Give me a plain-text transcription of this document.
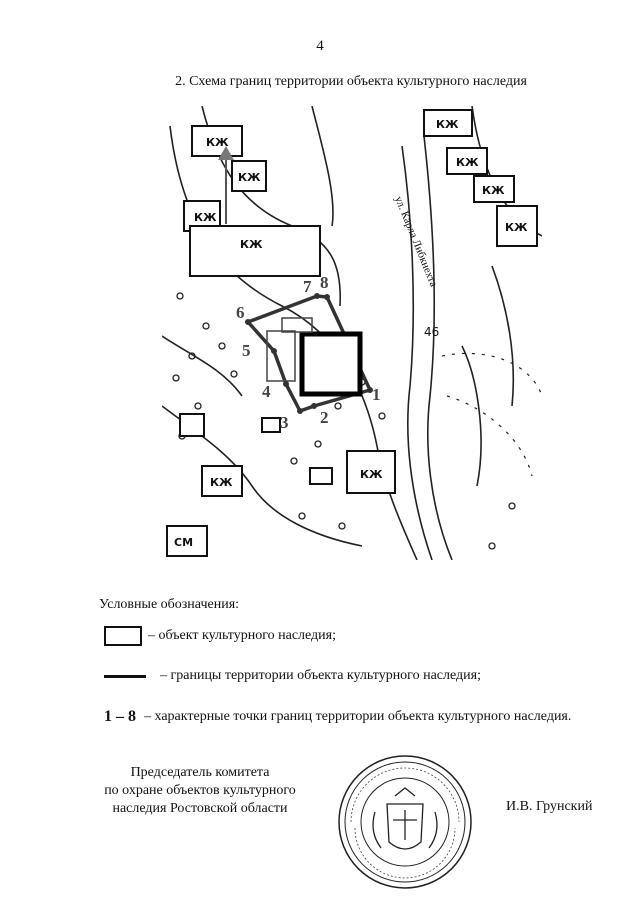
4
2. Схема границ территории объекта культурного наследия
КЖ
КЖ
КЖ
КЖ
КЖ
КЖ
КЖ
КЖ
КЖ
КЖ
СМ
46
ул. Карла Либкнехта
1
2
3
4
5
6
7 8
Условные обозначения:
– объект культурного наследия;
– границы территории объекта культурного наследия;
1 – 8 – характерные точки границ территории объекта культурного наследия.
Председатель комитета
по охране объектов культурного
наследия Ростовской области	И.В. Грунский
